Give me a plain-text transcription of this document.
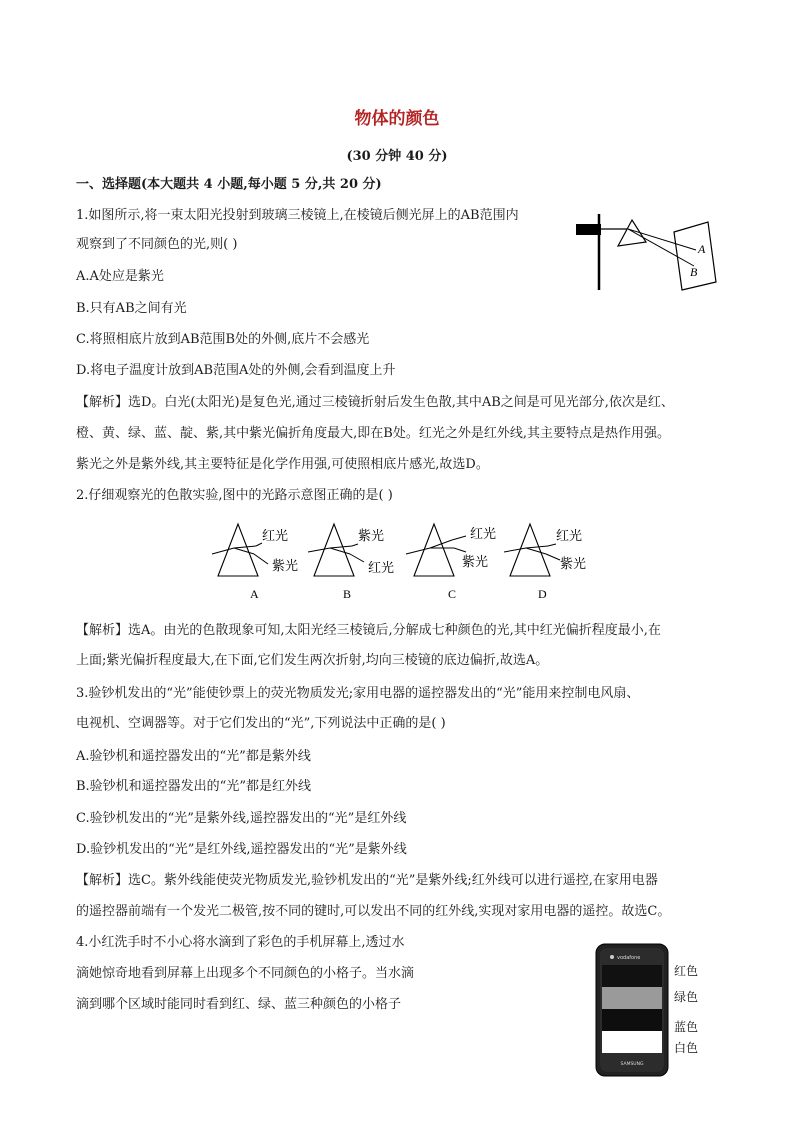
物体的颜色
(30 分钟 40 分)
一、选择题(本大题共 4 小题,每小题 5 分,共 20 分)
1.如图所示,将一束太阳光投射到玻璃三棱镜上,在棱镜后侧光屏上的AB范围内
观察到了不同颜色的光,则( )
A.A处应是紫光
B.只有AB之间有光
C.将照相底片放到AB范围B处的外侧,底片不会感光
D.将电子温度计放到AB范围A处的外侧,会看到温度上升
【解析】选D。白光(太阳光)是复色光,通过三棱镜折射后发生色散,其中AB之间是可见光部分,依次是红、
橙、黄、绿、蓝、靛、紫,其中紫光偏折角度最大,即在B处。红光之外是红外线,其主要特点是热作用强。
紫光之外是紫外线,其主要特征是化学作用强,可使照相底片感光,故选D。
A
B
2.仔细观察光的色散实验,图中的光路示意图正确的是( )
红光
紫光
A
紫光
红光
B
红光
紫光
C
红光
紫光
D
【解析】选A。由光的色散现象可知,太阳光经三棱镜后,分解成七种颜色的光,其中红光偏折程度最小,在
上面;紫光偏折程度最大,在下面,它们发生两次折射,均向三棱镜的底边偏折,故选A。
3.验钞机发出的“光”能使钞票上的荧光物质发光;家用电器的遥控器发出的“光”能用来控制电风扇、
电视机、空调器等。对于它们发出的“光”,下列说法中正确的是( )
A.验钞机和遥控器发出的“光”都是紫外线
B.验钞机和遥控器发出的“光”都是红外线
C.验钞机发出的“光”是紫外线,遥控器发出的“光”是红外线
D.验钞机发出的“光”是红外线,遥控器发出的“光”是紫外线
【解析】选C。紫外线能使荧光物质发光,验钞机发出的“光”是紫外线;红外线可以进行遥控,在家用电器
的遥控器前端有一个发光二极管,按不同的键时,可以发出不同的红外线,实现对家用电器的遥控。故选C。
4.小红洗手时不小心将水滴到了彩色的手机屏幕上,透过水
滴她惊奇地看到屏幕上出现多个不同颜色的小格子。当水滴
滴到哪个区域时能同时看到红、绿、蓝三种颜色的小格子
vodafone
SAMSUNG
红色
绿色
蓝色
白色
